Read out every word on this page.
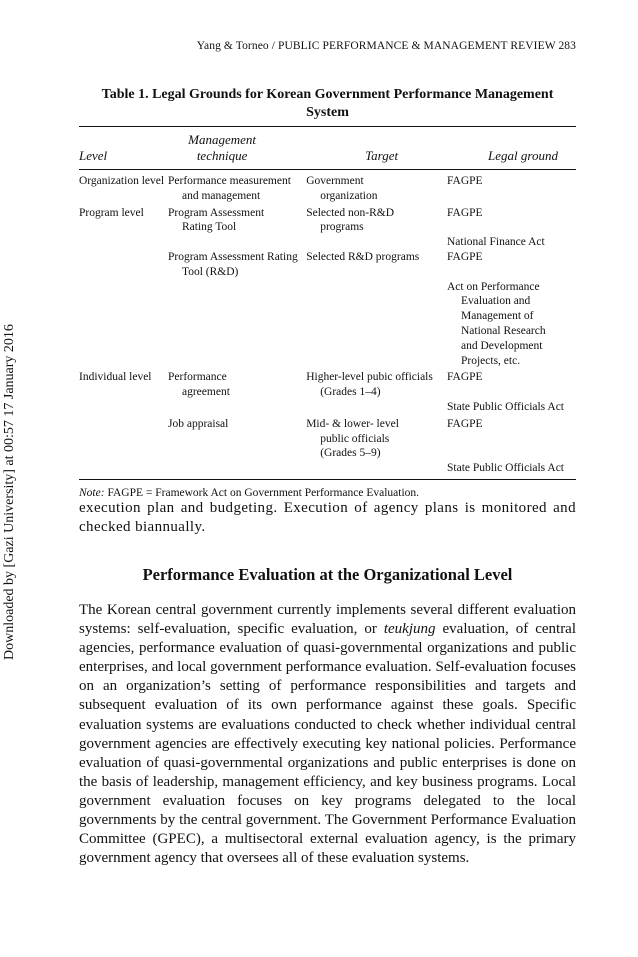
Yang & Torneo / PUBLIC PERFORMANCE & MANAGEMENT REVIEW 283
Downloaded by [Gazi University] at 00:57 17 January 2016
Table 1. Legal Grounds for Korean Government Performance Management System
Level	Management technique	Target	Legal ground

Organization level	Performance measurement and management	Government organization	FAGPE

Program level	Program Assessment Rating Tool	Selected non-R&D programs	FAGPE

			National Finance Act

	Program Assessment Rating Tool (R&D)	Selected R&D programs	FAGPE

			Act on Performance Evaluation and Management of National Research and Development Projects, etc.

Individual level	Performance agreement	Higher-level pubic officials (Grades 1–4)	FAGPE

			State Public Officials Act

	Job appraisal	Mid- & lower- level public officials (Grades 5–9)	FAGPE

			State Public Officials Act
Note: FAGPE = Framework Act on Government Performance Evaluation.

execution plan and budgeting. Execution of agency plans is monitored and checked biannually.

Performance Evaluation at the Organizational Level

The Korean central government currently implements several different evaluation systems: self-evaluation, specific evaluation, or teukjung evaluation, of central agencies, performance evaluation of quasi-governmental organizations and public enterprises, and local government performance evaluation. Self-evaluation focuses on an organization’s setting of performance responsibilities and targets and subsequent evaluation of its own performance against these goals. Specific evaluation systems are evaluations conducted to check whether individual central government agencies are effectively executing key national policies. Performance evaluation of quasi-governmental organizations and public enterprises is done on the basis of leadership, management efficiency, and key business programs. Local government evaluation focuses on key programs delegated to the local governments by the central government. The Government Performance Evaluation Committee (GPEC), a multisectoral external evaluation agency, is the primary government agency that oversees all of these evaluation systems.
